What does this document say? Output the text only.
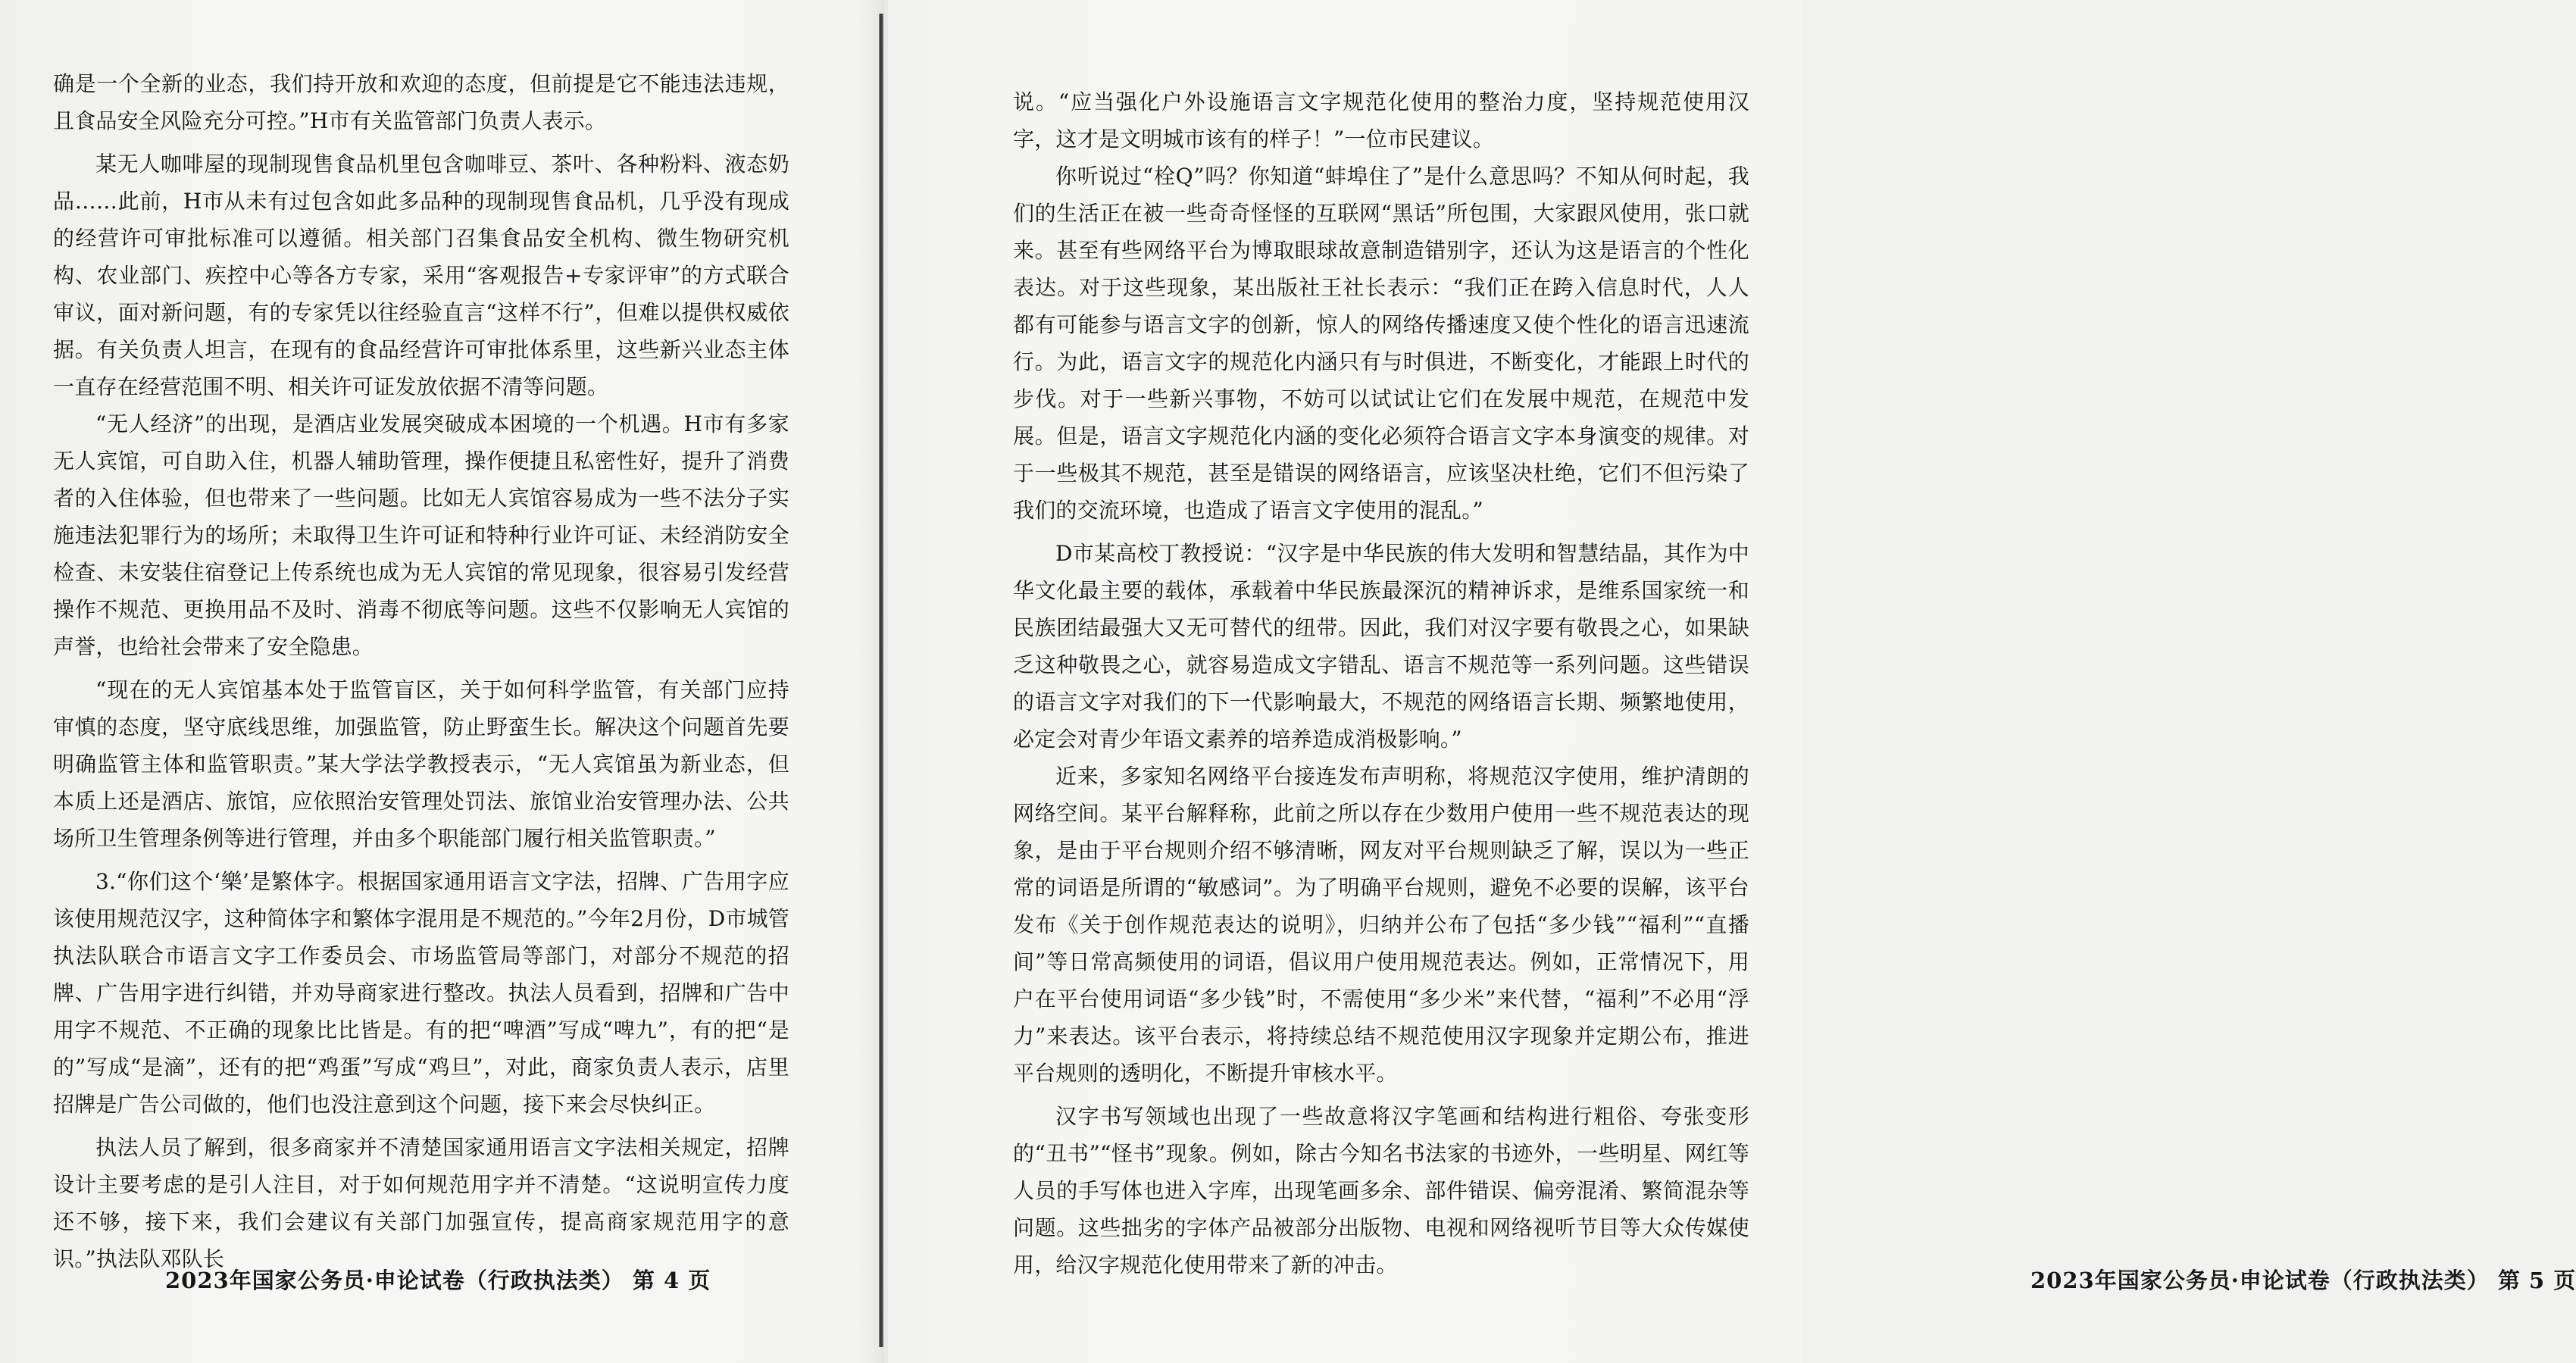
确是一个全新的业态，我们持开放和欢迎的态度，但前提是它不能违法违规，且食品安全风险充分可控。”H市有关监管部门负责人表示。

某无人咖啡屋的现制现售食品机里包含咖啡豆、茶叶、各种粉料、液态奶品……此前，H市从未有过包含如此多品种的现制现售食品机，几乎没有现成的经营许可审批标准可以遵循。相关部门召集食品安全机构、微生物研究机构、农业部门、疾控中心等各方专家，采用“客观报告+专家评审”的方式联合审议，面对新问题，有的专家凭以往经验直言“这样不行”，但难以提供权威依据。有关负责人坦言，在现有的食品经营许可审批体系里，这些新兴业态主体一直存在经营范围不明、相关许可证发放依据不清等问题。

“无人经济”的出现，是酒店业发展突破成本困境的一个机遇。H市有多家无人宾馆，可自助入住，机器人辅助管理，操作便捷且私密性好，提升了消费者的入住体验，但也带来了一些问题。比如无人宾馆容易成为一些不法分子实施违法犯罪行为的场所；未取得卫生许可证和特种行业许可证、未经消防安全检查、未安装住宿登记上传系统也成为无人宾馆的常见现象，很容易引发经营操作不规范、更换用品不及时、消毒不彻底等问题。这些不仅影响无人宾馆的声誉，也给社会带来了安全隐患。

“现在的无人宾馆基本处于监管盲区，关于如何科学监管，有关部门应持审慎的态度，坚守底线思维，加强监管，防止野蛮生长。解决这个问题首先要明确监管主体和监管职责。”某大学法学教授表示，“无人宾馆虽为新业态，但本质上还是酒店、旅馆，应依照治安管理处罚法、旅馆业治安管理办法、公共场所卫生管理条例等进行管理，并由多个职能部门履行相关监管职责。”

3.“你们这个‘樂’是繁体字。根据国家通用语言文字法，招牌、广告用字应该使用规范汉字，这种简体字和繁体字混用是不规范的。”今年2月份，D市城管执法队联合市语言文字工作委员会、市场监管局等部门，对部分不规范的招牌、广告用字进行纠错，并劝导商家进行整改。执法人员看到，招牌和广告中用字不规范、不正确的现象比比皆是。有的把“啤酒”写成“啤九”，有的把“是的”写成“是滴”，还有的把“鸡蛋”写成“鸡旦”，对此，商家负责人表示，店里招牌是广告公司做的，他们也没注意到这个问题，接下来会尽快纠正。

执法人员了解到，很多商家并不清楚国家通用语言文字法相关规定，招牌设计主要考虑的是引人注目，对于如何规范用字并不清楚。“这说明宣传力度还不够，接下来，我们会建议有关部门加强宣传，提高商家规范用字的意识。”执法队邓队长

2023年国家公务员·申论试卷（行政执法类） 第 4 页

说。“应当强化户外设施语言文字规范化使用的整治力度，坚持规范使用汉字，这才是文明城市该有的样子！”一位市民建议。

你听说过“栓Q”吗？你知道“蚌埠住了”是什么意思吗？不知从何时起，我们的生活正在被一些奇奇怪怪的互联网“黑话”所包围，大家跟风使用，张口就来。甚至有些网络平台为博取眼球故意制造错别字，还认为这是语言的个性化表达。对于这些现象，某出版社王社长表示：“我们正在跨入信息时代，人人都有可能参与语言文字的创新，惊人的网络传播速度又使个性化的语言迅速流行。为此，语言文字的规范化内涵只有与时俱进，不断变化，才能跟上时代的步伐。对于一些新兴事物，不妨可以试试让它们在发展中规范，在规范中发展。但是，语言文字规范化内涵的变化必须符合语言文字本身演变的规律。对于一些极其不规范，甚至是错误的网络语言，应该坚决杜绝，它们不但污染了我们的交流环境，也造成了语言文字使用的混乱。”

D市某高校丁教授说：“汉字是中华民族的伟大发明和智慧结晶，其作为中华文化最主要的载体，承载着中华民族最深沉的精神诉求，是维系国家统一和民族团结最强大又无可替代的纽带。因此，我们对汉字要有敬畏之心，如果缺乏这种敬畏之心，就容易造成文字错乱、语言不规范等一系列问题。这些错误的语言文字对我们的下一代影响最大，不规范的网络语言长期、频繁地使用，必定会对青少年语文素养的培养造成消极影响。”

近来，多家知名网络平台接连发布声明称，将规范汉字使用，维护清朗的网络空间。某平台解释称，此前之所以存在少数用户使用一些不规范表达的现象，是由于平台规则介绍不够清晰，网友对平台规则缺乏了解，误以为一些正常的词语是所谓的“敏感词”。为了明确平台规则，避免不必要的误解，该平台发布《关于创作规范表达的说明》，归纳并公布了包括“多少钱”“福利”“直播间”等日常高频使用的词语，倡议用户使用规范表达。例如，正常情况下，用户在平台使用词语“多少钱”时，不需使用“多少米”来代替，“福利”不必用“浮力”来表达。该平台表示，将持续总结不规范使用汉字现象并定期公布，推进平台规则的透明化，不断提升审核水平。

汉字书写领域也出现了一些故意将汉字笔画和结构进行粗俗、夸张变形的“丑书”“怪书”现象。例如，除古今知名书法家的书迹外，一些明星、网红等人员的手写体也进入字库，出现笔画多余、部件错误、偏旁混淆、繁简混杂等问题。这些拙劣的字体产品被部分出版物、电视和网络视听节目等大众传媒使用，给汉字规范化使用带来了新的冲击。

2023年国家公务员·申论试卷（行政执法类） 第 5 页
